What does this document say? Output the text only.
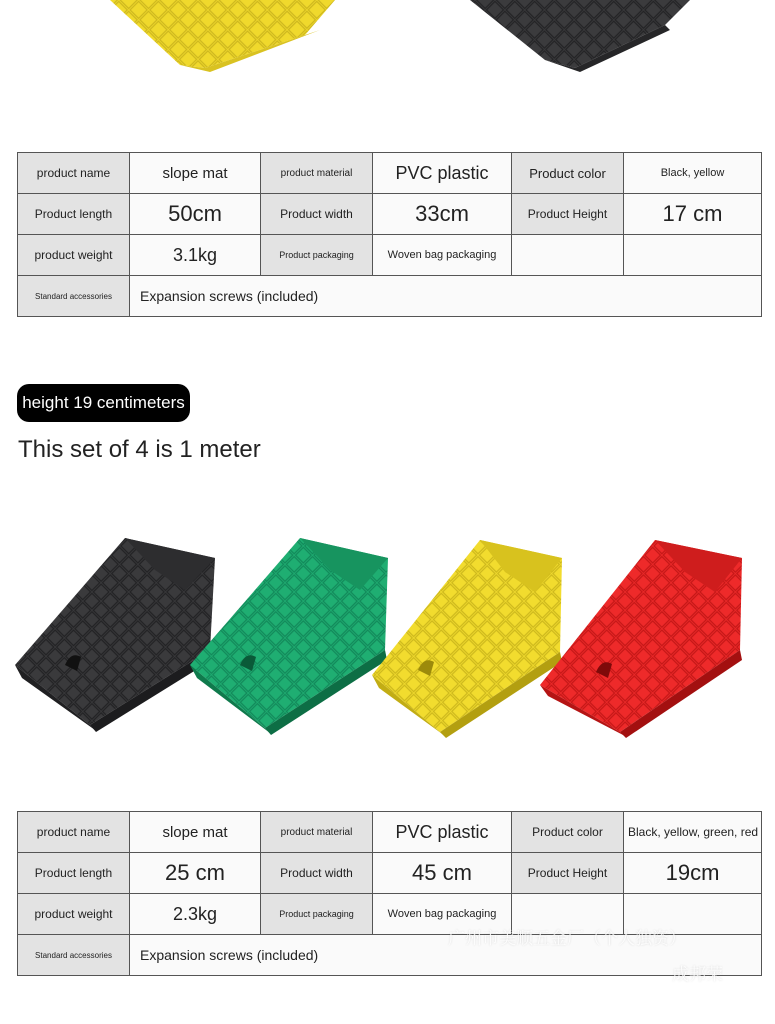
product name	slope mat	product material	PVC plastic	Product color	Black, yellow
Product length	50cm	Product width	33cm	Product Height	17 cm
product weight	3.1kg	Product packaging	Woven bag packaging		
Standard accessories	Expansion screws (included)				
height 19 centimeters
This set of 4 is 1 meter
product name	slope mat	product material	PVC plastic	Product color	Black, yellow, green, red
Product length	25 cm	Product width	45 cm	Product Height	19cm
product weight	2.3kg	Product packaging	Woven bag packaging		
Standard accessories	Expansion screws (included)				
广州市美顺五金厂（个人独资）
成邦荣
